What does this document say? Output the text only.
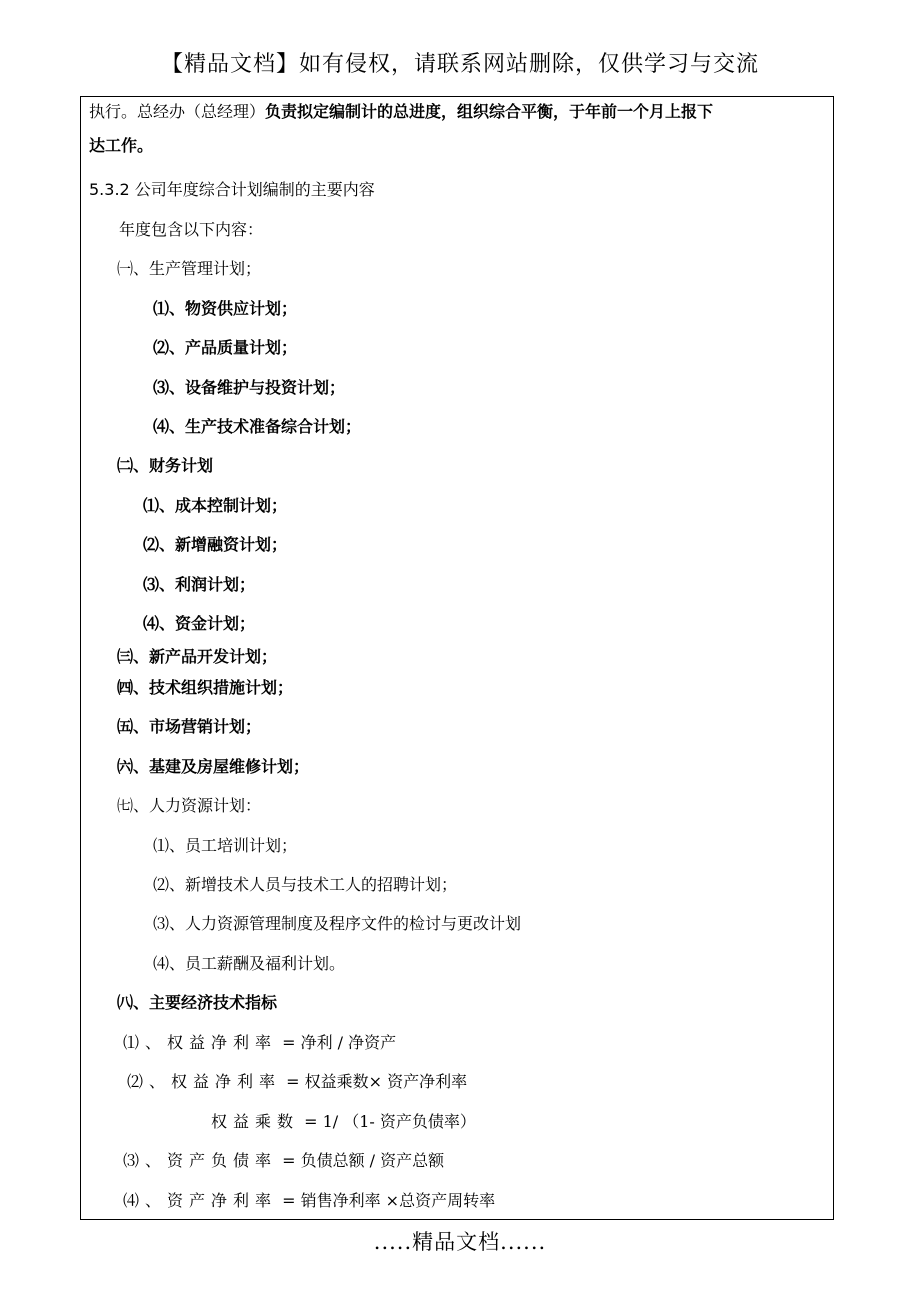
【精品文档】如有侵权，请联系网站删除，仅供学习与交流
执行。总经办（总经理）负责拟定编制计的总进度，组织综合平衡，于年前一个月上报下
达工作。
5.3.2 公司年度综合计划编制的主要内容
年度包含以下内容：
㈠、生产管理计划；
⑴、物资供应计划；
⑵、产品质量计划；
⑶、设备维护与投资计划；
⑷、生产技术准备综合计划；
㈡、财务计划
⑴、成本控制计划；
⑵、新增融资计划；
⑶、利润计划；
⑷、资金计划；
㈢、新产品开发计划；
㈣、技术组织措施计划；
㈤、市场营销计划；
㈥、基建及房屋维修计划；
㈦、人力资源计划：
⑴、员工培训计划；
⑵、新增技术人员与技术工人的招聘计划；
⑶、人力资源管理制度及程序文件的检讨与更改计划
⑷、员工薪酬及福利计划。
㈧、主要经济技术指标
⑴、权益净利率 = 净利 / 净资产
⑵、权益净利率 = 权益乘数× 资产净利率
权益乘数 = 1/ （1- 资产负债率）
⑶、资产负债率 = 负债总额 / 资产总额
⑷、资产净利率 = 销售净利率 ×总资产周转率
.....精品文档......
